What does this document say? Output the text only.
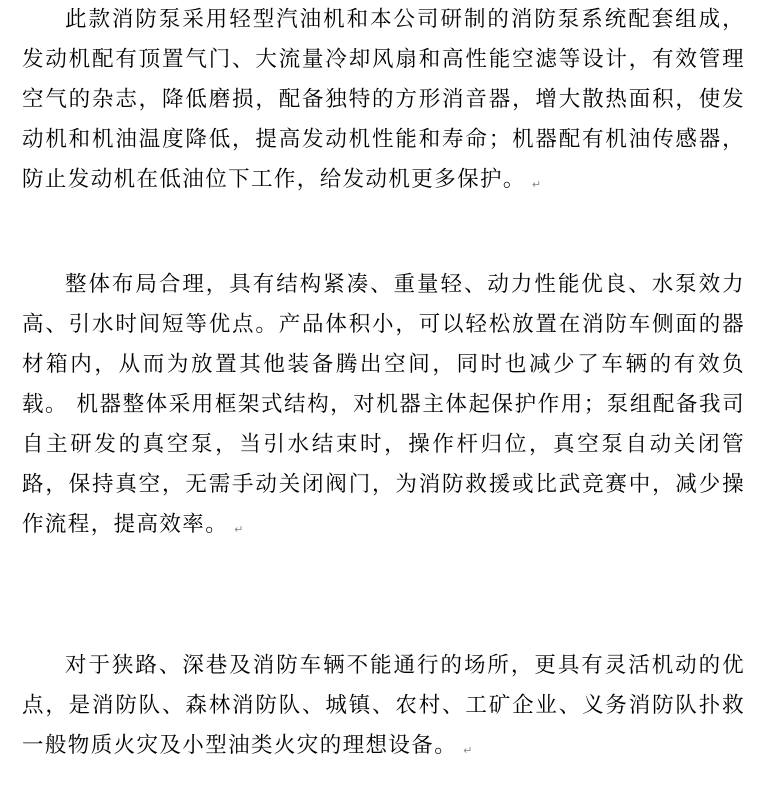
此款消防泵采用轻型汽油机和本公司研制的消防泵系统配套组成，发动机配有顶置气门、大流量冷却风扇和高性能空滤等设计，有效管理空气的杂志，降低磨损，配备独特的方形消音器，增大散热面积，使发动机和机油温度降低，提高发动机性能和寿命；机器配有机油传感器，防止发动机在低油位下工作，给发动机更多保护。 ↵

整体布局合理，具有结构紧凑、重量轻、动力性能优良、水泵效力高、引水时间短等优点。产品体积小，可以轻松放置在消防车侧面的器材箱内，从而为放置其他装备腾出空间，同时也减少了车辆的有效负载。 机器整体采用框架式结构，对机器主体起保护作用；泵组配备我司自主研发的真空泵，当引水结束时，操作杆归位，真空泵自动关闭管路，保持真空，无需手动关闭阀门，为消防救援或比武竞赛中，减少操作流程，提高效率。 ↵

对于狭路、深巷及消防车辆不能通行的场所，更具有灵活机动的优点，是消防队、森林消防队、城镇、农村、工矿企业、义务消防队扑救一般物质火灾及小型油类火灾的理想设备。 ↵
